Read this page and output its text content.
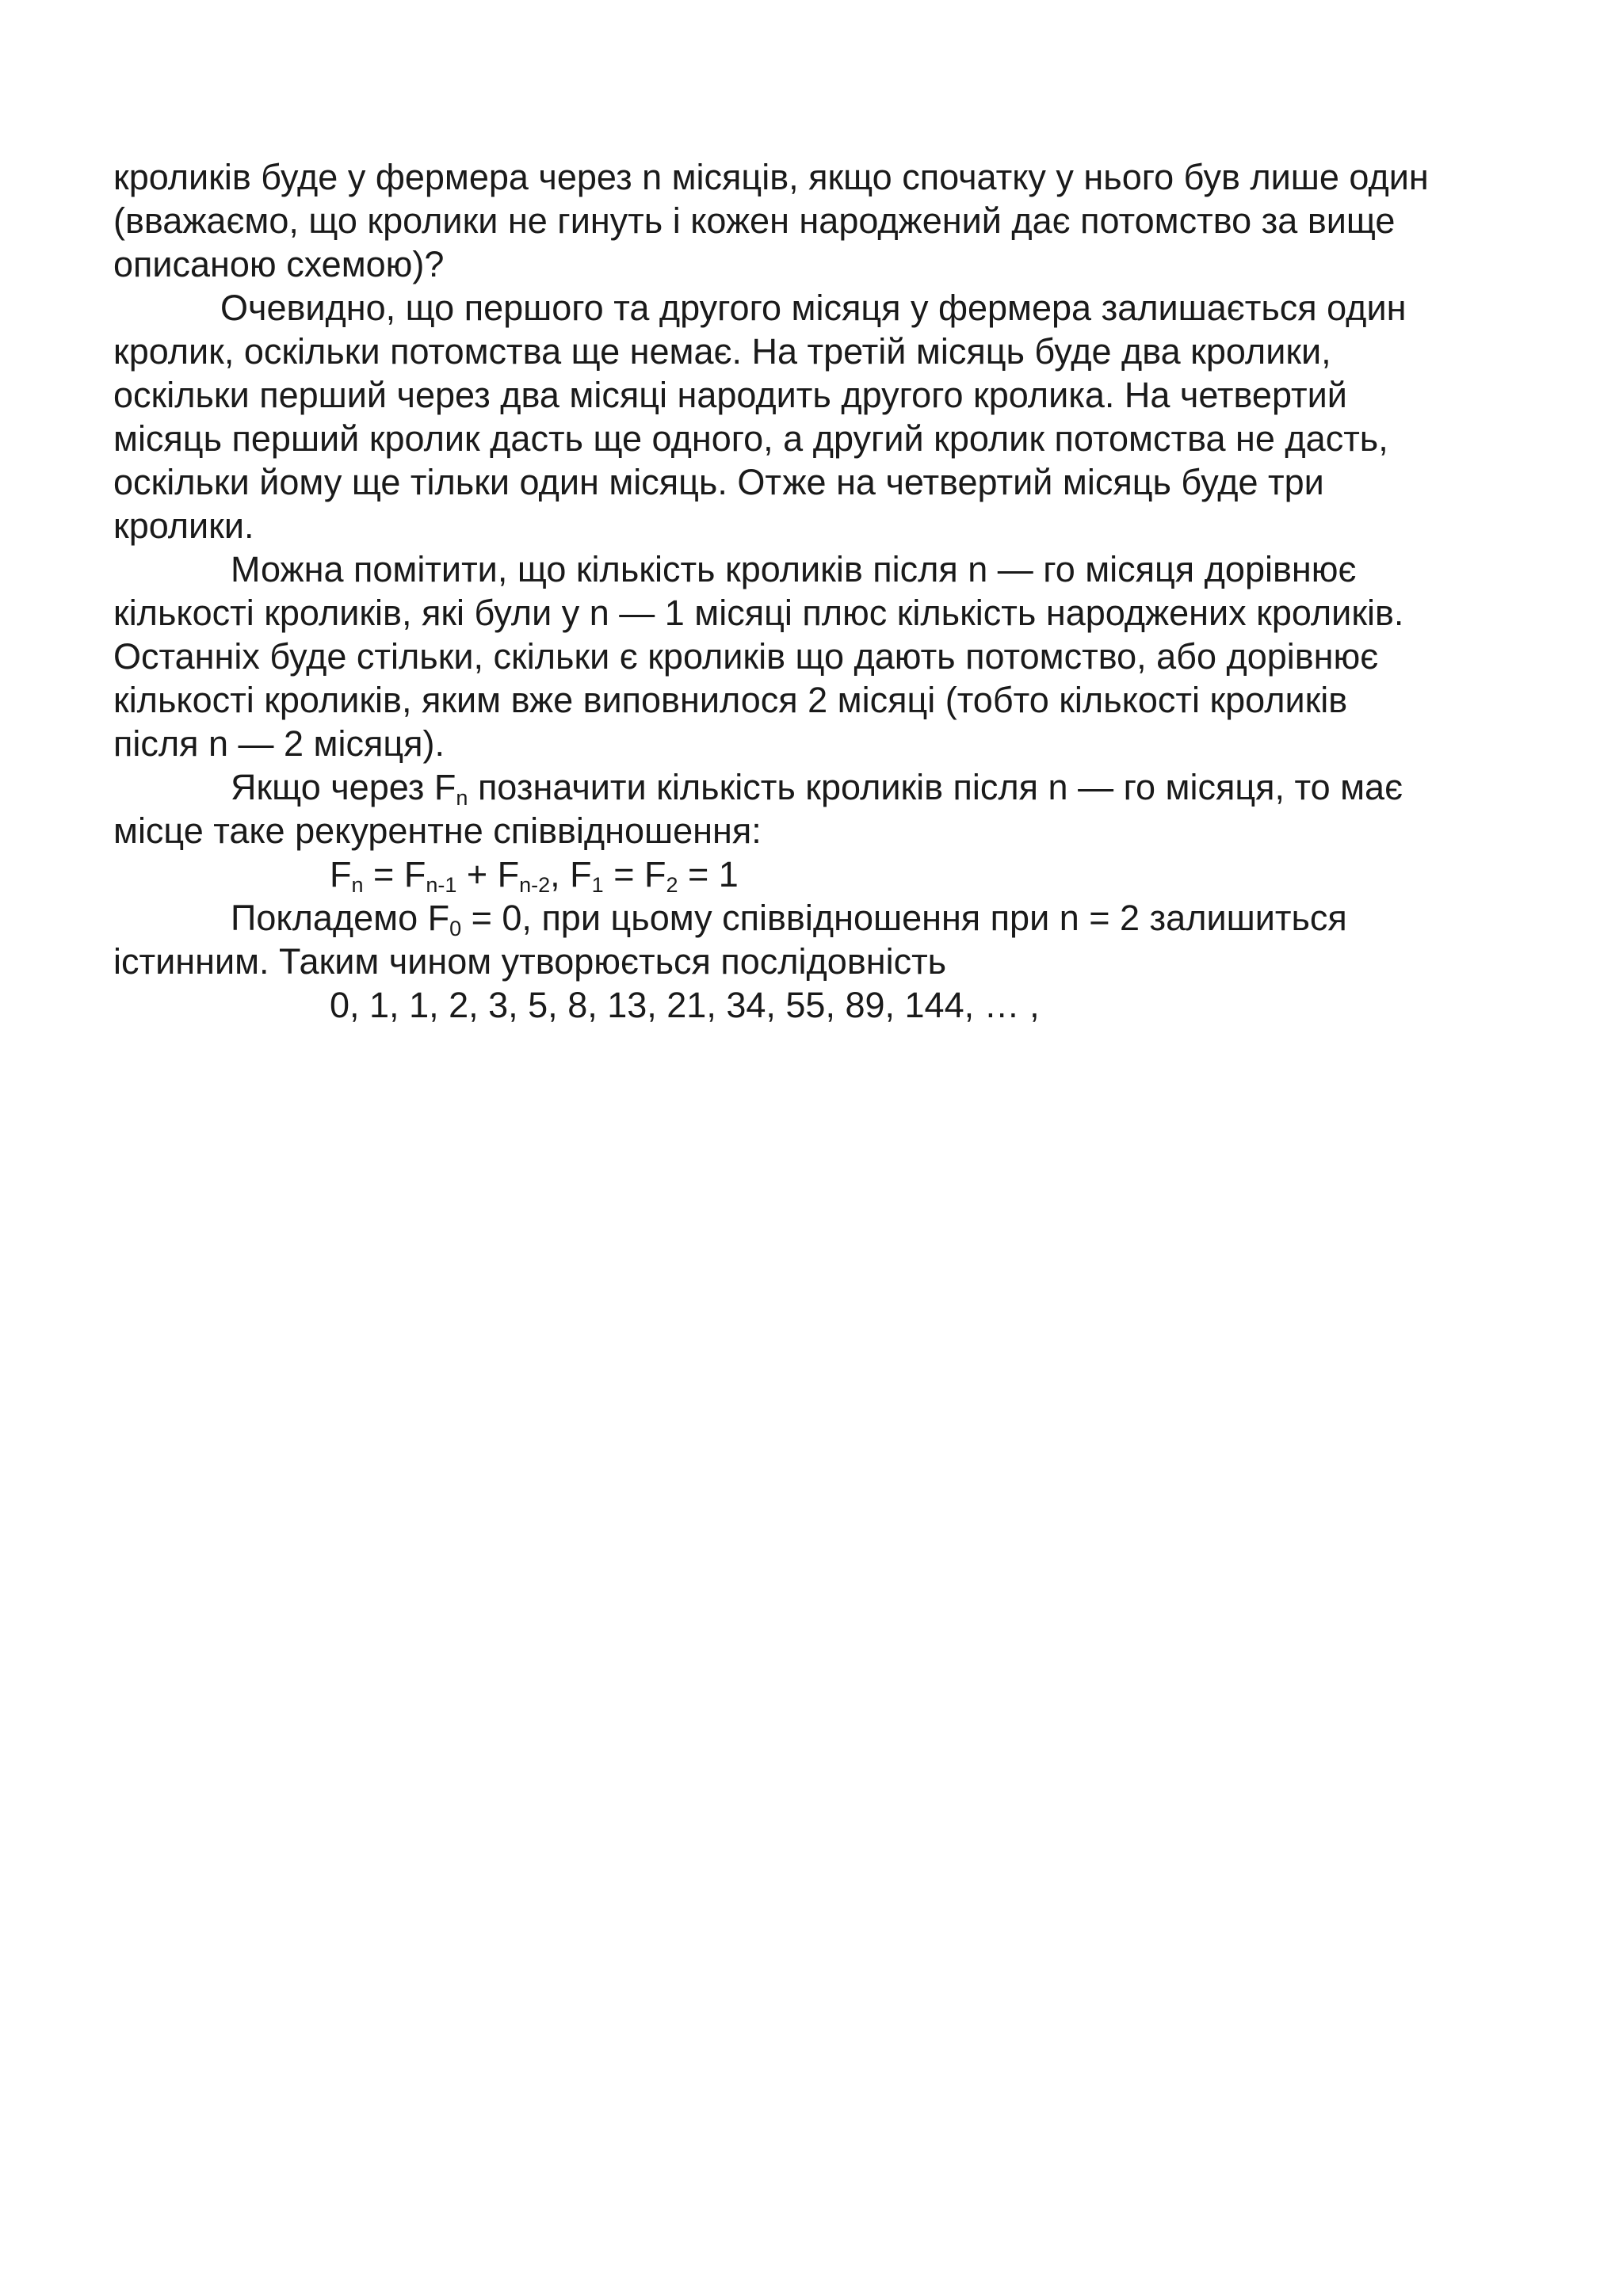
кроликів буде у фермера через n місяців, якщо спочатку у нього був лише один
(вважаємо, що кролики не гинуть і кожен народжений дає потомство за вище
описаною схемою)?
Очевидно, що першого та другого місяця у фермера залишається один
кролик, оскільки потомства ще немає. На третій місяць буде два кролики,
оскільки перший через два місяці народить другого кролика. На четвертий
місяць перший кролик дасть ще одного, а другий кролик потомства не дасть,
оскільки йому ще тільки один місяць. Отже на четвертий місяць буде три
кролики.
Можна помітити, що кількість кроликів після n — го місяця дорівнює
кількості кроликів, які були у n — 1 місяці плюс кількість народжених кроликів.
Останніх буде стільки, скільки є кроликів що дають потомство, або дорівнює
кількості кроликів, яким вже виповнилося 2 місяці (тобто кількості кроликів
після n — 2 місяця).
Якщо через $F_n$ позначити кількість кроликів після n — го місяця, то має
місце таке рекурентне співвідношення:
$F_n = F_{n-1} + F_{n-2}$, $F_1 = F_2 = 1$
Покладемо $F_0 = 0$, при цьому співвідношення при n = 2 залишиться
істинним. Таким чином утворюється послідовність
0, 1, 1, 2, 3, 5, 8, 13, 21, 34, 55, 89, 144, … ,
